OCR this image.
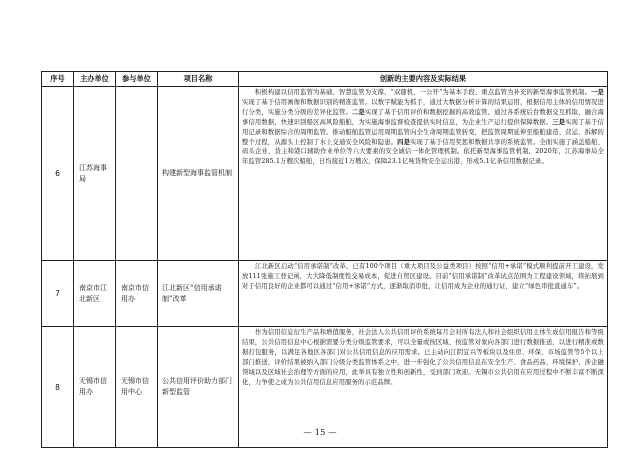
序号	主办单位	参与单位	项目名称	创新的主要内容及实际结果
6	江苏海事局		构建新型海事监管机制	　　积极构建以信用监管为基础、智慧监管为支撑、“双随机、一公开”为基本手段、重点监管为补充的新型海事监管机制。一是实现了基于信用画像和数据识别的精准监管。以数字赋能为抓手，通过大数据分析计算的结果运用，根据信用主体的信用情况进行分类，实施分类分级的差异化监管。二是实现了基于信用评价和数据挖掘的高效监管。通过各系统后台数据交互抓取，融合海事信用数据，快速识别船区高风险船舶，为实施海事监督检查提供实时信息，为企业生产运行提供保障数据。三是实现了基于信用记录和数据综合的周期监管。推动船舶监管运用周期监管向全生命周期监管转变，把监管周期延伸至船舶建造、营运、拆解的整个过程，从源头上控制了水上交通安全风险和隐患。四是实现了基于信用奖惩和数据共享的系统监管。全面实施了涵盖船舶、码头企业、货主和港口辅助作业单位等六大要素的安全诚信一体化管理机制。依托新型海事监管机制，2020年，江苏海事局全年监管285.1万艘次船舶，日均接近1万艘次，保障23.1亿吨货物安全运出港，形成5.1亿条信用数据记录。
7	南京市江北新区	南京市信用办	江北新区“信用承诺制”改革	　　江北新区启动“信用承诺制”改革，已有100个项目（重大项目及公益类项目）按照“信用+承诺”模式顺利提前开工建设，发放111张施工登记函，大大降低制度性交易成本，促进自贸区建设。目前“信用承诺制”改革试点范围为工程建设领域，将拓展到对于信用良好的企业都可以通过“信用+承诺”方式，逐渐取消审批，让信用成为企业的通行证，建立“绿色审批直通车”。
8	无锡市信用办	无锡市信用中心	公共信用评价助力部门新型监管	　　作为信用信息衍生产品和增值服务，社会法人公共信用评价系统每月会对所有法人和社会组织信用主体生成信用报告和等级结果，公共信用信息中心根据需要分类分级监管要求，可以全量或按区域、按监管对象向各部门进行数据推送，以进行精准或数据打包服务，以满足各地区各部门对公共信用信息的应用需求。已主动向江阴宜兴等板块以及住房、环保、市场监管等5个以上部门推送，评价结果被纳入部门分级分类监管体系之中，进一步强化了公共信用信息在安全生产、食品药品、环境保护、涉企融领域以及区域社会治理等方面的应用，此举具有独立性和创新性，受到部门欢迎。无锡市公共信用在应用过程中不断丰富不断深化，力争使之成为公共信用信息应用服务的示范品牌。
— 15 —
